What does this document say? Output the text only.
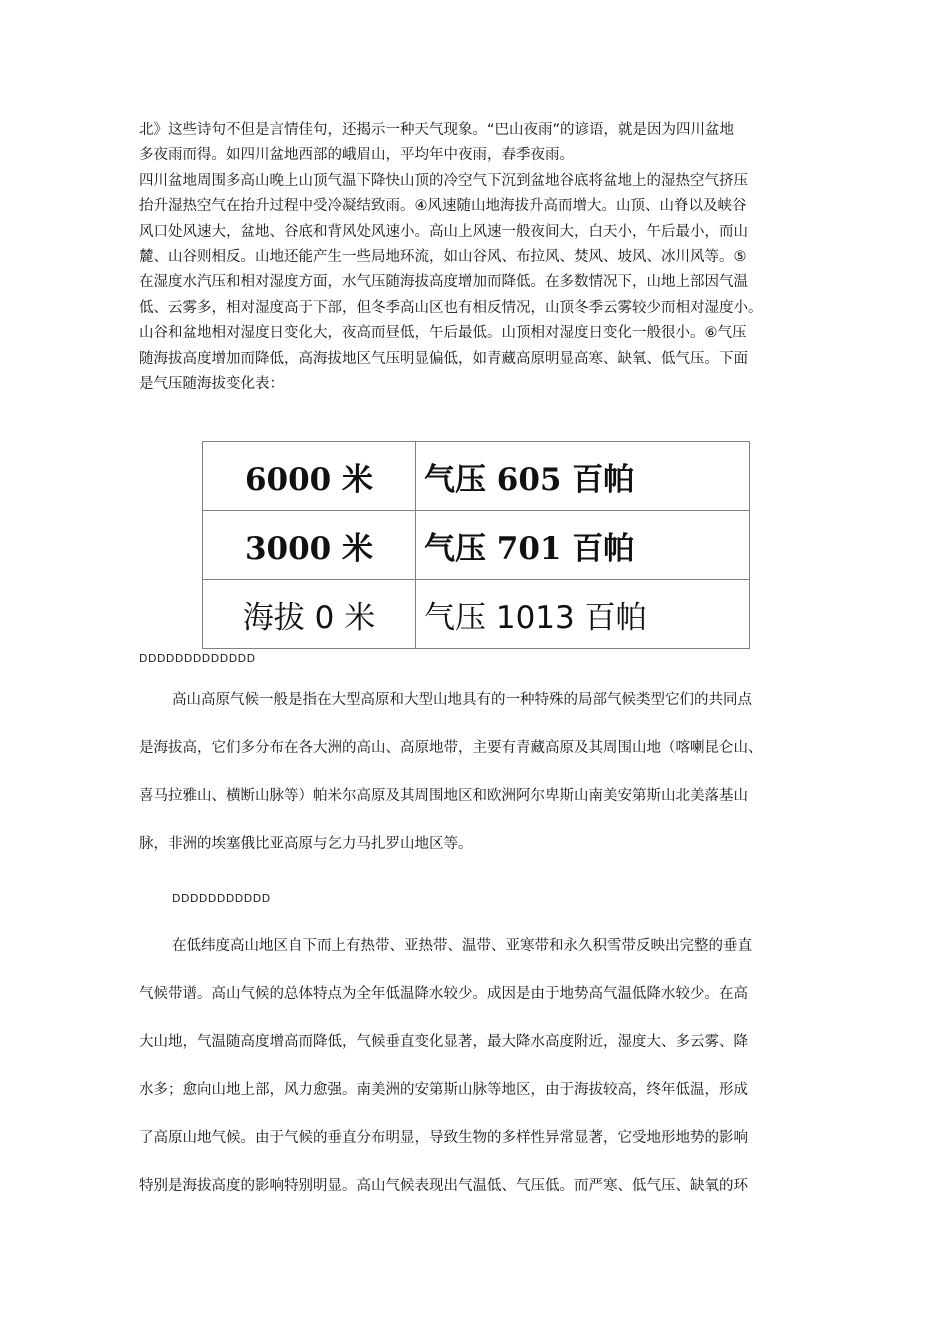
北》这些诗句不但是言情佳句，还揭示一种天气现象。“巴山夜雨”的谚语，就是因为四川盆地
多夜雨而得。如四川盆地西部的峨眉山，平均年中夜雨，春季夜雨。
四川盆地周围多高山晚上山顶气温下降快山顶的冷空气下沉到盆地谷底将盆地上的湿热空气挤压
抬升湿热空气在抬升过程中受冷凝结致雨。④风速随山地海拔升高而增大。山顶、山脊以及峡谷
风口处风速大，盆地、谷底和背风处风速小。高山上风速一般夜间大，白天小，午后最小，而山
麓、山谷则相反。山地还能产生一些局地环流，如山谷风、布拉风、焚风、坡风、冰川风等。⑤
在湿度水汽压和相对湿度方面，水气压随海拔高度增加而降低。在多数情况下，山地上部因气温
低、云雾多，相对湿度高于下部，但冬季高山区也有相反情况，山顶冬季云雾较少而相对湿度小。
山谷和盆地相对湿度日变化大，夜高而昼低，午后最低。山顶相对湿度日变化一般很小。⑥气压
随海拔高度增加而降低，高海拔地区气压明显偏低，如青藏高原明显高寒、缺氧、低气压。下面
是气压随海拔变化表：
6000 米	气压 605 百帕
3000 米	气压 701 百帕
海拔 0 米	气压 1013 百帕
DDDDDDDDDDDDD
高山高原气候一般是指在大型高原和大型山地具有的一种特殊的局部气候类型它们的共同点
是海拔高，它们多分布在各大洲的高山、高原地带，主要有青藏高原及其周围山地（喀喇昆仑山、
喜马拉雅山、横断山脉等）帕米尔高原及其周围地区和欧洲阿尔卑斯山南美安第斯山北美落基山
脉，非洲的埃塞俄比亚高原与乞力马扎罗山地区等。
DDDDDDDDDDD
在低纬度高山地区自下而上有热带、亚热带、温带、亚寒带和永久积雪带反映出完整的垂直
气候带谱。高山气候的总体特点为全年低温降水较少。成因是由于地势高气温低降水较少。在高
大山地，气温随高度增高而降低，气候垂直变化显著，最大降水高度附近，湿度大、多云雾、降
水多；愈向山地上部，风力愈强。南美洲的安第斯山脉等地区，由于海拔较高，终年低温，形成
了高原山地气候。由于气候的垂直分布明显，导致生物的多样性异常显著，它受地形地势的影响
特别是海拔高度的影响特别明显。高山气候表现出气温低、气压低。而严寒、低气压、缺氧的环
